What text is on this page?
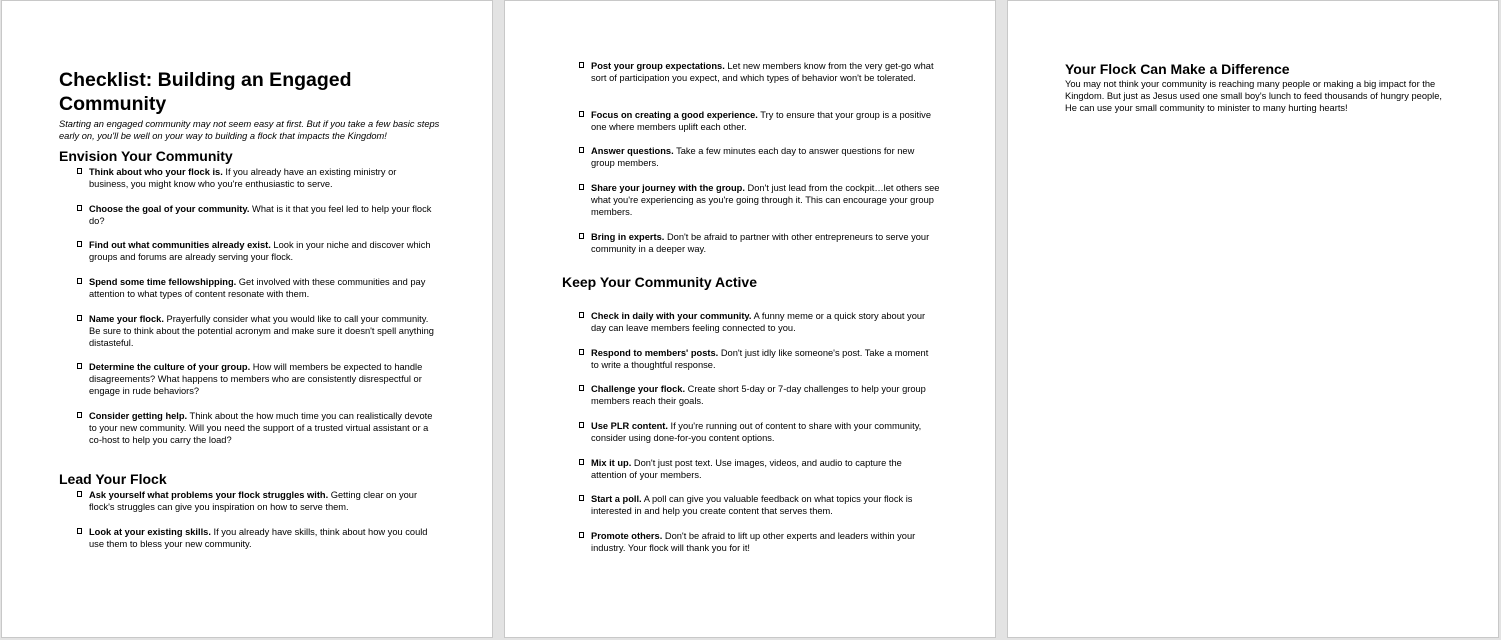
Checklist: Building an Engaged Community

Starting an engaged community may not seem easy at first. But if you take a few basic steps early on, you'll be well on your way to building a flock that impacts the Kingdom!

Envision Your Community
Think about who your flock is. If you already have an existing ministry or business, you might know who you're enthusiastic to serve.
Choose the goal of your community. What is it that you feel led to help your flock do?
Find out what communities already exist. Look in your niche and discover which groups and forums are already serving your flock.
Spend some time fellowshipping. Get involved with these communities and pay attention to what types of content resonate with them.
Name your flock. Prayerfully consider what you would like to call your community. Be sure to think about the potential acronym and make sure it doesn't spell anything distasteful.
Determine the culture of your group. How will members be expected to handle disagreements? What happens to members who are consistently disrespectful or engage in rude behaviors?
Consider getting help. Think about the how much time you can realistically devote to your new community. Will you need the support of a trusted virtual assistant or a co-host to help you carry the load?
Lead Your Flock
Ask yourself what problems your flock struggles with. Getting clear on your flock's struggles can give you inspiration on how to serve them.
Look at your existing skills. If you already have skills, think about how you could use them to bless your new community.
Post your group expectations. Let new members know from the very get-go what sort of participation you expect, and which types of behavior won't be tolerated.
Focus on creating a good experience. Try to ensure that your group is a positive one where members uplift each other.
Answer questions. Take a few minutes each day to answer questions for new group members.
Share your journey with the group. Don't just lead from the cockpit…let others see what you're experiencing as you're going through it. This can encourage your group members.
Bring in experts. Don't be afraid to partner with other entrepreneurs to serve your community in a deeper way.
Keep Your Community Active
Check in daily with your community. A funny meme or a quick story about your day can leave members feeling connected to you.
Respond to members' posts. Don't just idly like someone's post. Take a moment to write a thoughtful response.
Challenge your flock. Create short 5-day or 7-day challenges to help your group members reach their goals.
Use PLR content. If you're running out of content to share with your community, consider using done-for-you content options.
Mix it up. Don't just post text. Use images, videos, and audio to capture the attention of your members.
Start a poll. A poll can give you valuable feedback on what topics your flock is interested in and help you create content that serves them.
Promote others. Don't be afraid to lift up other experts and leaders within your industry. Your flock will thank you for it!
Your Flock Can Make a Difference

You may not think your community is reaching many people or making a big impact for the Kingdom. But just as Jesus used one small boy's lunch to feed thousands of hungry people, He can use your small community to minister to many hurting hearts!
